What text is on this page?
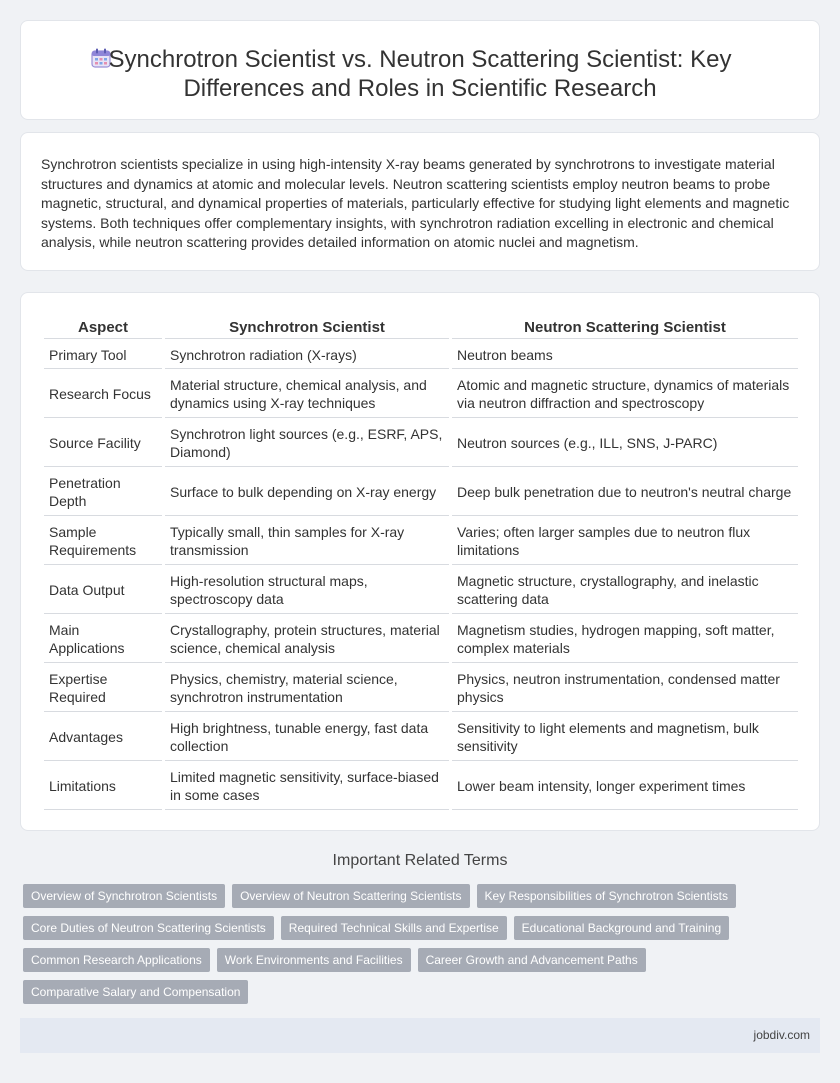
Synchrotron Scientist vs. Neutron Scattering Scientist: Key Differences and Roles in Scientific Research

Synchrotron scientists specialize in using high-intensity X-ray beams generated by synchrotrons to investigate material structures and dynamics at atomic and molecular levels. Neutron scattering scientists employ neutron beams to probe magnetic, structural, and dynamical properties of materials, particularly effective for studying light elements and magnetic systems. Both techniques offer complementary insights, with synchrotron radiation excelling in electronic and chemical analysis, while neutron scattering provides detailed information on atomic nuclei and magnetism.

Aspect	Synchrotron Scientist	Neutron Scattering Scientist
Primary Tool	Synchrotron radiation (X-rays)	Neutron beams
Research Focus	Material structure, chemical analysis, and dynamics using X-ray techniques	Atomic and magnetic structure, dynamics of materials via neutron diffraction and spectroscopy
Source Facility	Synchrotron light sources (e.g., ESRF, APS, Diamond)	Neutron sources (e.g., ILL, SNS, J-PARC)
Penetration Depth	Surface to bulk depending on X-ray energy	Deep bulk penetration due to neutron's neutral charge
Sample Requirements	Typically small, thin samples for X-ray transmission	Varies; often larger samples due to neutron flux limitations
Data Output	High-resolution structural maps, spectroscopy data	Magnetic structure, crystallography, and inelastic scattering data
Main Applications	Crystallography, protein structures, material science, chemical analysis	Magnetism studies, hydrogen mapping, soft matter, complex materials
Expertise Required	Physics, chemistry, material science, synchrotron instrumentation	Physics, neutron instrumentation, condensed matter physics
Advantages	High brightness, tunable energy, fast data collection	Sensitivity to light elements and magnetism, bulk sensitivity
Limitations	Limited magnetic sensitivity, surface-biased in some cases	Lower beam intensity, longer experiment times
Important Related Terms
Overview of Synchrotron Scientists	Overview of Neutron Scattering Scientists	Key Responsibilities of Synchrotron Scientists
Core Duties of Neutron Scattering Scientists	Required Technical Skills and Expertise	Educational Background and Training
Common Research Applications	Work Environments and Facilities	Career Growth and Advancement Paths
Comparative Salary and Compensation
jobdiv.com
